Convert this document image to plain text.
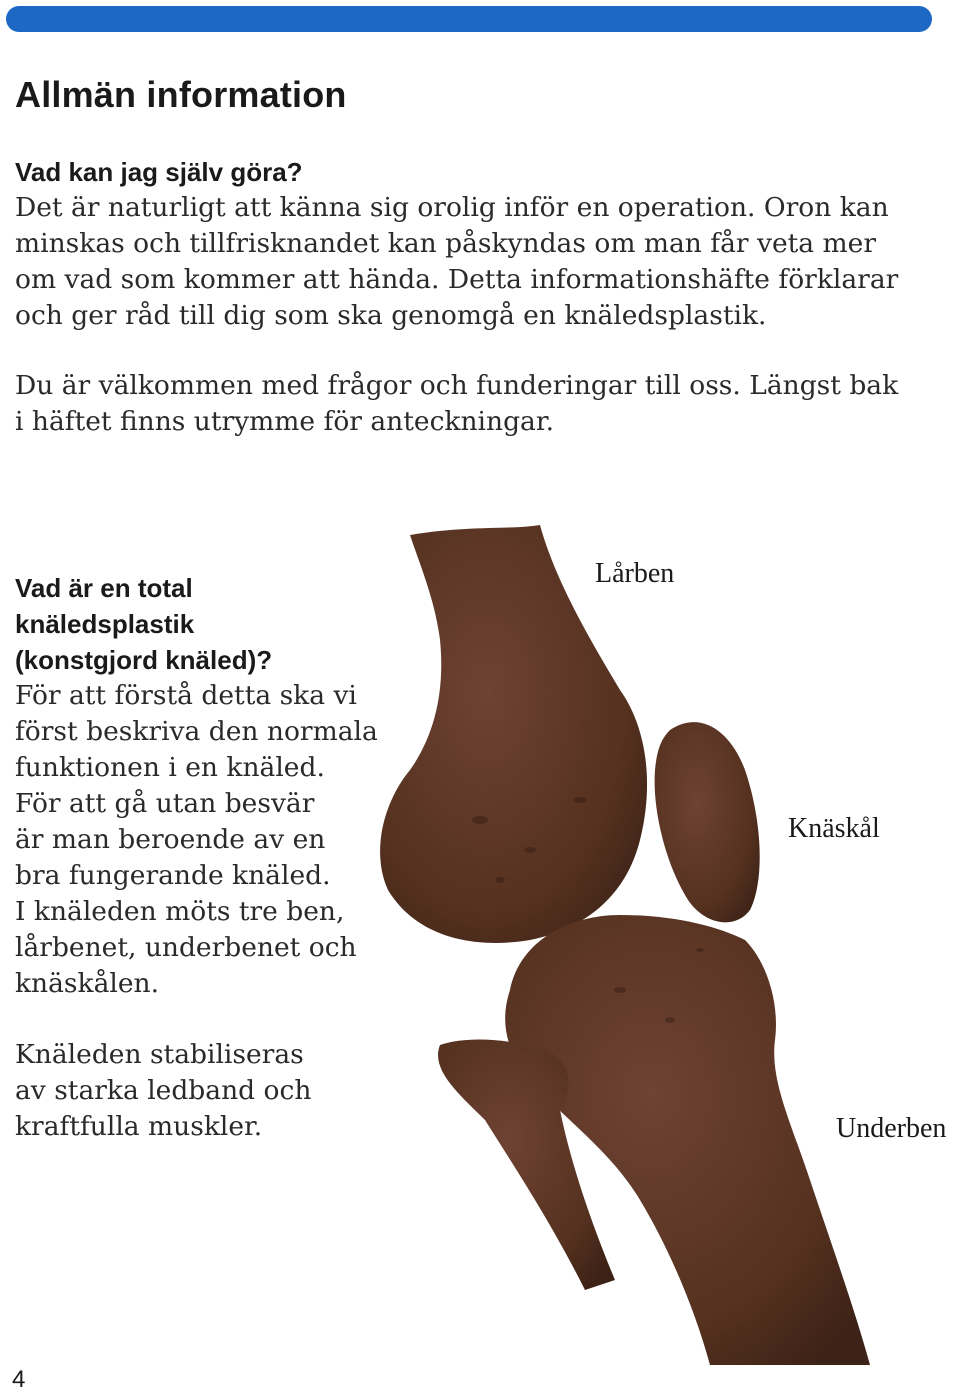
Allmän information
Vad kan jag själv göra?

Det är naturligt att känna sig orolig inför en operation. Oron kan minskas och tillfrisknandet kan påskyndas om man får veta mer om vad som kommer att hända. Detta informationshäfte förklarar och ger råd till dig som ska genomgå en knäledsplastik.

Du är välkommen med frågor och funderingar till oss. Längst bak i häftet finns utrymme för anteckningar.

Vad är en total
knäledsplastik
(konstgjord knäled)?

För att förstå detta ska vi
först beskriva den normala
funktionen i en knäled.
För att gå utan besvär
är man beroende av en
bra fungerande knäled.
I knäleden möts tre ben,
lårbenet, underbenet och
knäskålen.

Knäleden stabiliseras
av starka ledband och
kraftfulla muskler.

Lårben
Knäskål
Underben
4
